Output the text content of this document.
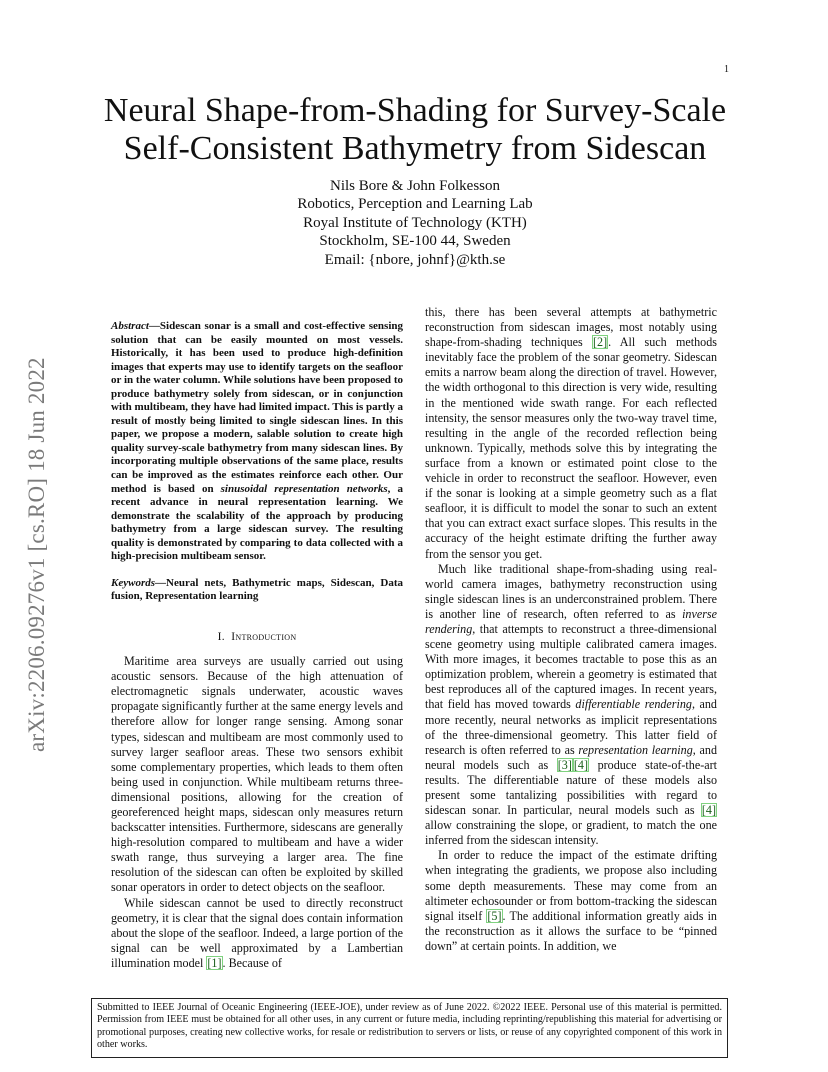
1
arXiv:2206.09276v1 [cs.RO] 18 Jun 2022
Neural Shape-from-Shading for Survey-Scale Self-Consistent Bathymetry from Sidescan
Nils Bore & John Folkesson
Robotics, Perception and Learning Lab
Royal Institute of Technology (KTH)
Stockholm, SE-100 44, Sweden
Email: {nbore, johnf}@kth.se

Abstract—Sidescan sonar is a small and cost-effective sensing solution that can be easily mounted on most vessels. Historically, it has been used to produce high-definition images that experts may use to identify targets on the seafloor or in the water column. While solutions have been proposed to produce bathymetry solely from sidescan, or in conjunction with multibeam, they have had limited impact. This is partly a result of mostly being limited to single sidescan lines. In this paper, we propose a modern, salable solution to create high quality survey-scale bathymetry from many sidescan lines. By incorporating multiple observations of the same place, results can be improved as the estimates reinforce each other. Our method is based on sinusoidal representation networks, a recent advance in neural representation learning. We demonstrate the scalability of the approach by producing bathymetry from a large sidescan survey. The resulting quality is demonstrated by comparing to data collected with a high-precision multibeam sensor.

Keywords—Neural nets, Bathymetric maps, Sidescan, Data fusion, Representation learning

I. Introduction

Maritime area surveys are usually carried out using acoustic sensors. Because of the high attenuation of electromagnetic signals underwater, acoustic waves propagate significantly further at the same energy levels and therefore allow for longer range sensing. Among sonar types, sidescan and multibeam are most commonly used to survey larger seafloor areas. These two sensors exhibit some complementary properties, which leads to them often being used in conjunction. While multibeam returns three-dimensional positions, allowing for the creation of georeferenced height maps, sidescan only measures return backscatter intensities. Furthermore, sidescans are generally high-resolution compared to multibeam and have a wider swath range, thus surveying a larger area. The fine resolution of the sidescan can often be exploited by skilled sonar operators in order to detect objects on the seafloor.

While sidescan cannot be used to directly reconstruct geometry, it is clear that the signal does contain information about the slope of the seafloor. Indeed, a large portion of the signal can be well approximated by a Lambertian illumination model [1]. Because of

this, there has been several attempts at bathymetric reconstruction from sidescan images, most notably using shape-from-shading techniques [2]. All such methods inevitably face the problem of the sonar geometry. Sidescan emits a narrow beam along the direction of travel. However, the width orthogonal to this direction is very wide, resulting in the mentioned wide swath range. For each reflected intensity, the sensor measures only the two-way travel time, resulting in the angle of the recorded reflection being unknown. Typically, methods solve this by integrating the surface from a known or estimated point close to the vehicle in order to reconstruct the seafloor. However, even if the sonar is looking at a simple geometry such as a flat seafloor, it is difficult to model the sonar to such an extent that you can extract exact surface slopes. This results in the accuracy of the height estimate drifting the further away from the sensor you get.

Much like traditional shape-from-shading using real-world camera images, bathymetry reconstruction using single sidescan lines is an underconstrained problem. There is another line of research, often referred to as inverse rendering, that attempts to reconstruct a three-dimensional scene geometry using multiple calibrated camera images. With more images, it becomes tractable to pose this as an optimization problem, wherein a geometry is estimated that best reproduces all of the captured images. In recent years, that field has moved towards differentiable rendering, and more recently, neural networks as implicit representations of the three-dimensional geometry. This latter field of research is often referred to as representation learning, and neural models such as [3] [4] produce state-of-the-art results. The differentiable nature of these models also present some tantalizing possibilities with regard to sidescan sonar. In particular, neural models such as [4] allow constraining the slope, or gradient, to match the one inferred from the sidescan intensity.

In order to reduce the impact of the estimate drifting when integrating the gradients, we propose also including some depth measurements. These may come from an altimeter echosounder or from bottom-tracking the sidescan signal itself [5]. The additional information greatly aids in the reconstruction as it allows the surface to be “pinned down” at certain points. In addition, we

Submitted to IEEE Journal of Oceanic Engineering (IEEE-JOE), under review as of June 2022. ©2022 IEEE. Personal use of this material is permitted. Permission from IEEE must be obtained for all other uses, in any current or future media, including reprinting/republishing this material for advertising or promotional purposes, creating new collective works, for resale or redistribution to servers or lists, or reuse of any copyrighted component of this work in other works.
